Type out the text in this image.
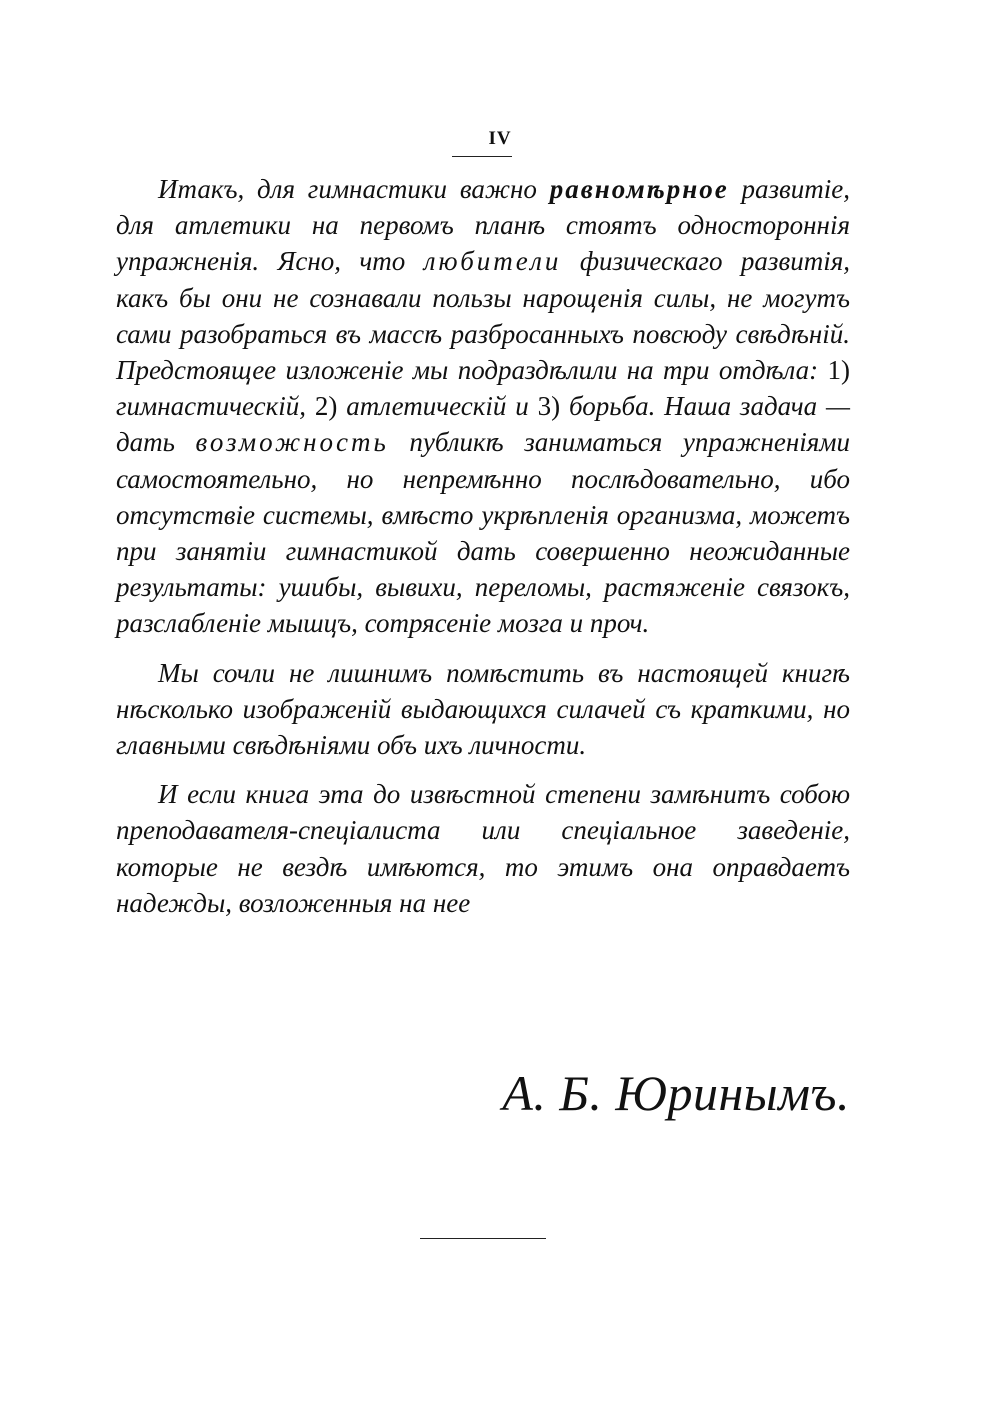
IV

Итакъ, для гимнастики важно равномѣрное развитіе, для атлетики на первомъ планѣ стоятъ одностороннія упражненія. Ясно, что любители физическаго развитія, какъ бы они не сознавали пользы нарощенія силы, не могутъ сами разобраться въ массѣ разбросанныхъ повсюду свѣдѣній. Предстоящее изложеніе мы подраздѣлили на три отдѣла: 1) гимнастическій, 2) атлетическій и 3) борьба. Наша задача — дать возможность публикѣ заниматься упражненіями самостоятельно, но непремѣнно послѣдовательно, ибо отсутствіе системы, вмѣсто укрѣпленія организма, можетъ при занятіи гимнастикой дать совершенно неожиданные результаты: ушибы, вывихи, переломы, растяженіе связокъ, разслабленіе мышцъ, сотрясеніе мозга и проч.

Мы сочли не лишнимъ помѣстить въ настоящей книгѣ нѣсколько изображеній выдающихся силачей съ краткими, но главными свѣдѣніями объ ихъ личности.

И если книга эта до извѣстной степени замѣнитъ собою преподавателя-спеціалиста или спеціальное заведеніе, которые не вездѣ имѣются, то этимъ она оправдаетъ надежды, возложенныя на нее

А. Б. Юринымъ.
